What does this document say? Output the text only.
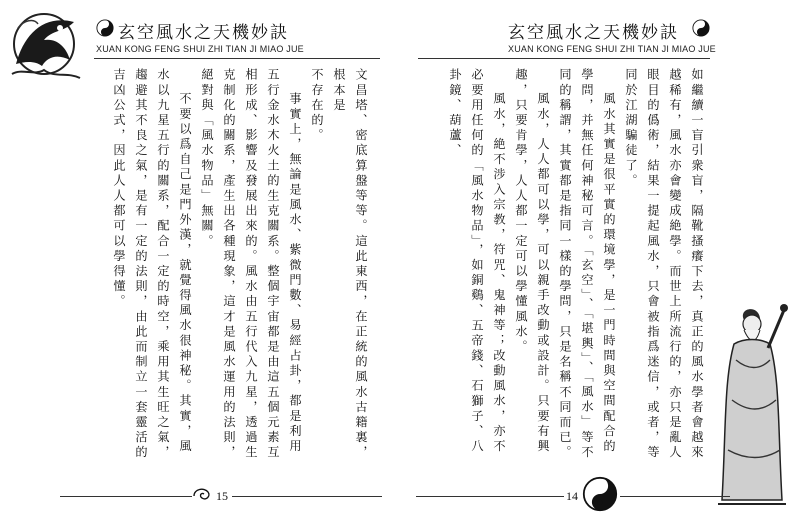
玄空風水之天機妙訣
XUAN KONG FENG SHUI ZHI TIAN JI MIAO JUE

文昌塔、密底算盤等等。這此東西，在正統的風水古籍裏，根本是

不存在的。

事實上，無論是風水、紫微門數、易經占卦，都是利用五行金水木火土的生克關系。整個宇宙都是由這五個元素互相形成、影響及發展出來的。風水由五行代入九星，透過生克制化的關系，產生出各種現象，這才是風水運用的法則，絕對與「風水物品」無關。

不要以爲自己是門外漢，就覺得風水很神秘。其實，風水以九星五行的關系，配合一定的時空，乘用其生旺之氣，趨避其不良之氣，是有一定的法則，由此而制立一套靈活的吉凶公式，因此人人都可以學得懂。

15
玄空風水之天機妙訣
XUAN KONG FENG SHUI ZHI TIAN JI MIAO JUE

如繼續一盲引衆盲，隔靴搔癢下去，真正的風水學者會越來越稀有，風水亦會變成絶學。而世上所流行的，亦只是亂人眼目的僞術，結果一提起風水，只會被指爲迷信，或者，等同於江湖騙徒了。

風水其實是很平實的環境學，是一門時間與空間配合的學問，并無任何神秘可言。「玄空」、「堪輿」、「風水」等不同的稱謂，其實都是指同一樣的學問，只是名稱不同而已。

風水，人人都可以學，可以親手改動或設計。只要有興趣，只要肯學，人人都一定可以學懂風水。

風水，絶不涉入宗教，符咒、鬼神等；改動風水，亦不必要用任何的「風水物品」，如銅鷄、五帝錢、石獅子、八卦鏡、葫蘆、

14
